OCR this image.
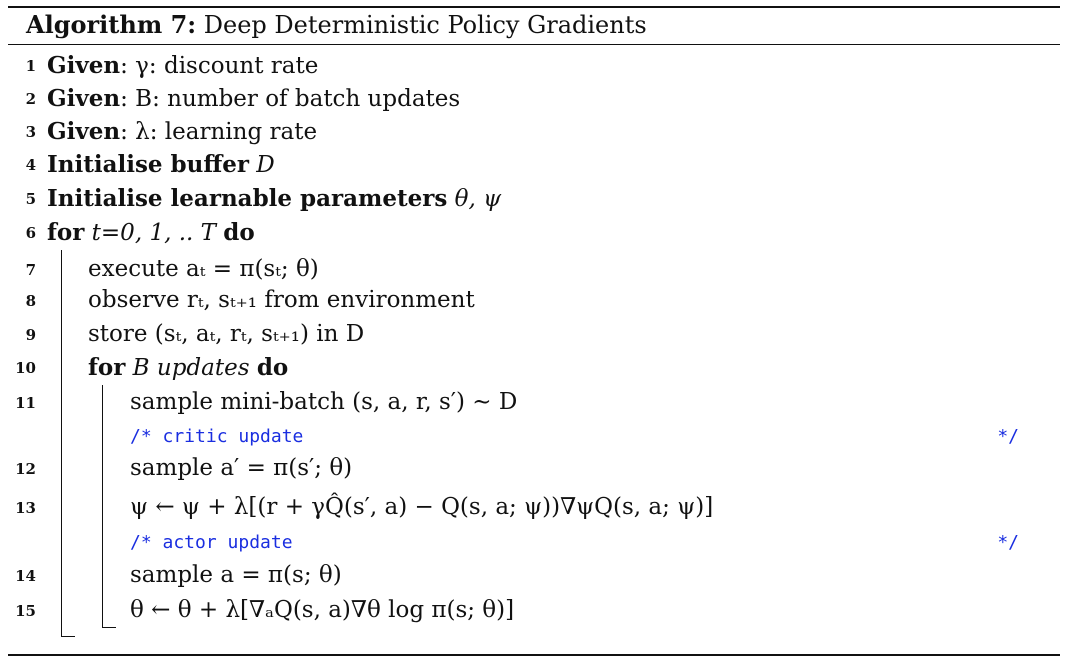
Algorithm 7: Deep Deterministic Policy Gradients
1 Given: γ: discount rate
2 Given: B: number of batch updates
3 Given: λ: learning rate
4 Initialise buffer D
5 Initialise learnable parameters θ, ψ
6 for t=0, 1, .. T do
7 execute aₜ = π(sₜ; θ)
8 observe rₜ, sₜ₊₁ from environment
9 store (sₜ, aₜ, rₜ, sₜ₊₁) in D
10 for B updates do
11	sample mini-batch (s, a, r, s′) ∼ D
/* critic update	*/
12	sample a′ = π(s′; θ)
13	ψ ← ψ + λ[(r + γQ̂(s′, a) − Q(s, a; ψ))∇ψQ(s, a; ψ)]
/* actor update	*/
14	sample a = π(s; θ)
15	θ ← θ + λ[∇ₐQ(s, a)∇θ log π(s; θ)]
